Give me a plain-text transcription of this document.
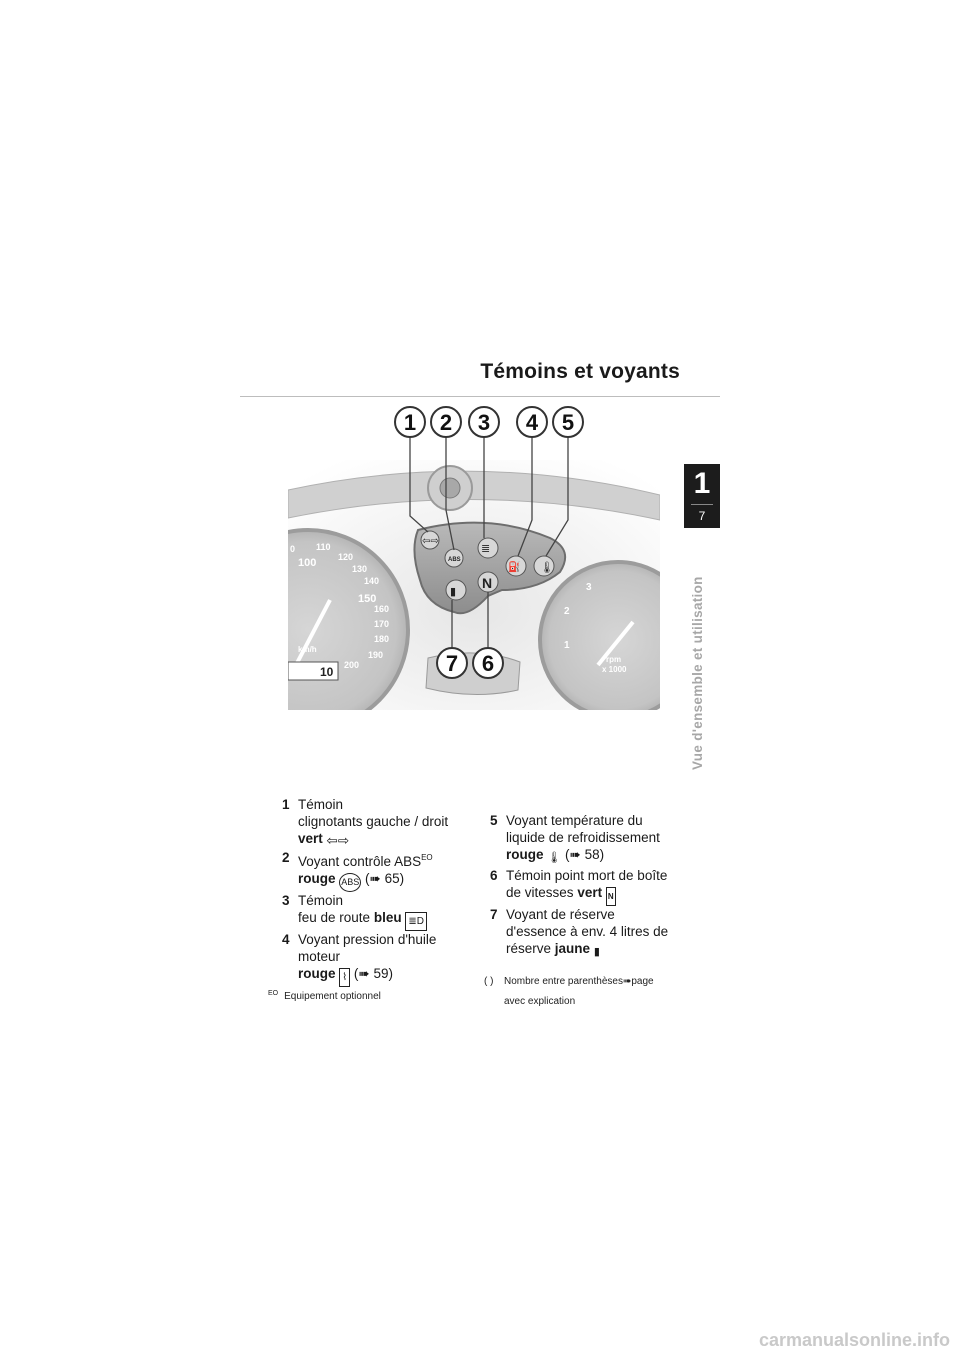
Témoins et voyants
1
7
Vue d'ensemble et utilisation
0 110
100 120
130
140
150
160
170
180
190
200
km/h
10
1
2
3
rpm
x 1000
⇦⇨
ABS
≣
⛽ 🌡
▮
N
1 2 3 4 5
7 6
1 Témoin
clignotants gauche / droit
vert ⇦⇨
2 Voyant contrôle $ABS^{EO}$
rouge ABS (➠ 65)
3 Témoin
feu de route bleu ≣D
4 Voyant pression d'huile
moteur
rouge ⌇ (➠ 59)
5 Voyant température du
liquide de refroidissement
rouge 🌡 (➠ 58)
6 Témoin point mort de boîte
de vitesses vert N
7 Voyant de réserve
d'essence à env. 4 litres de
réserve jaune ▮
$^{EO}$ Equipement optionnel
( ) Nombre entre parenthèses➠page
avec explication
carmanualsonline.info
